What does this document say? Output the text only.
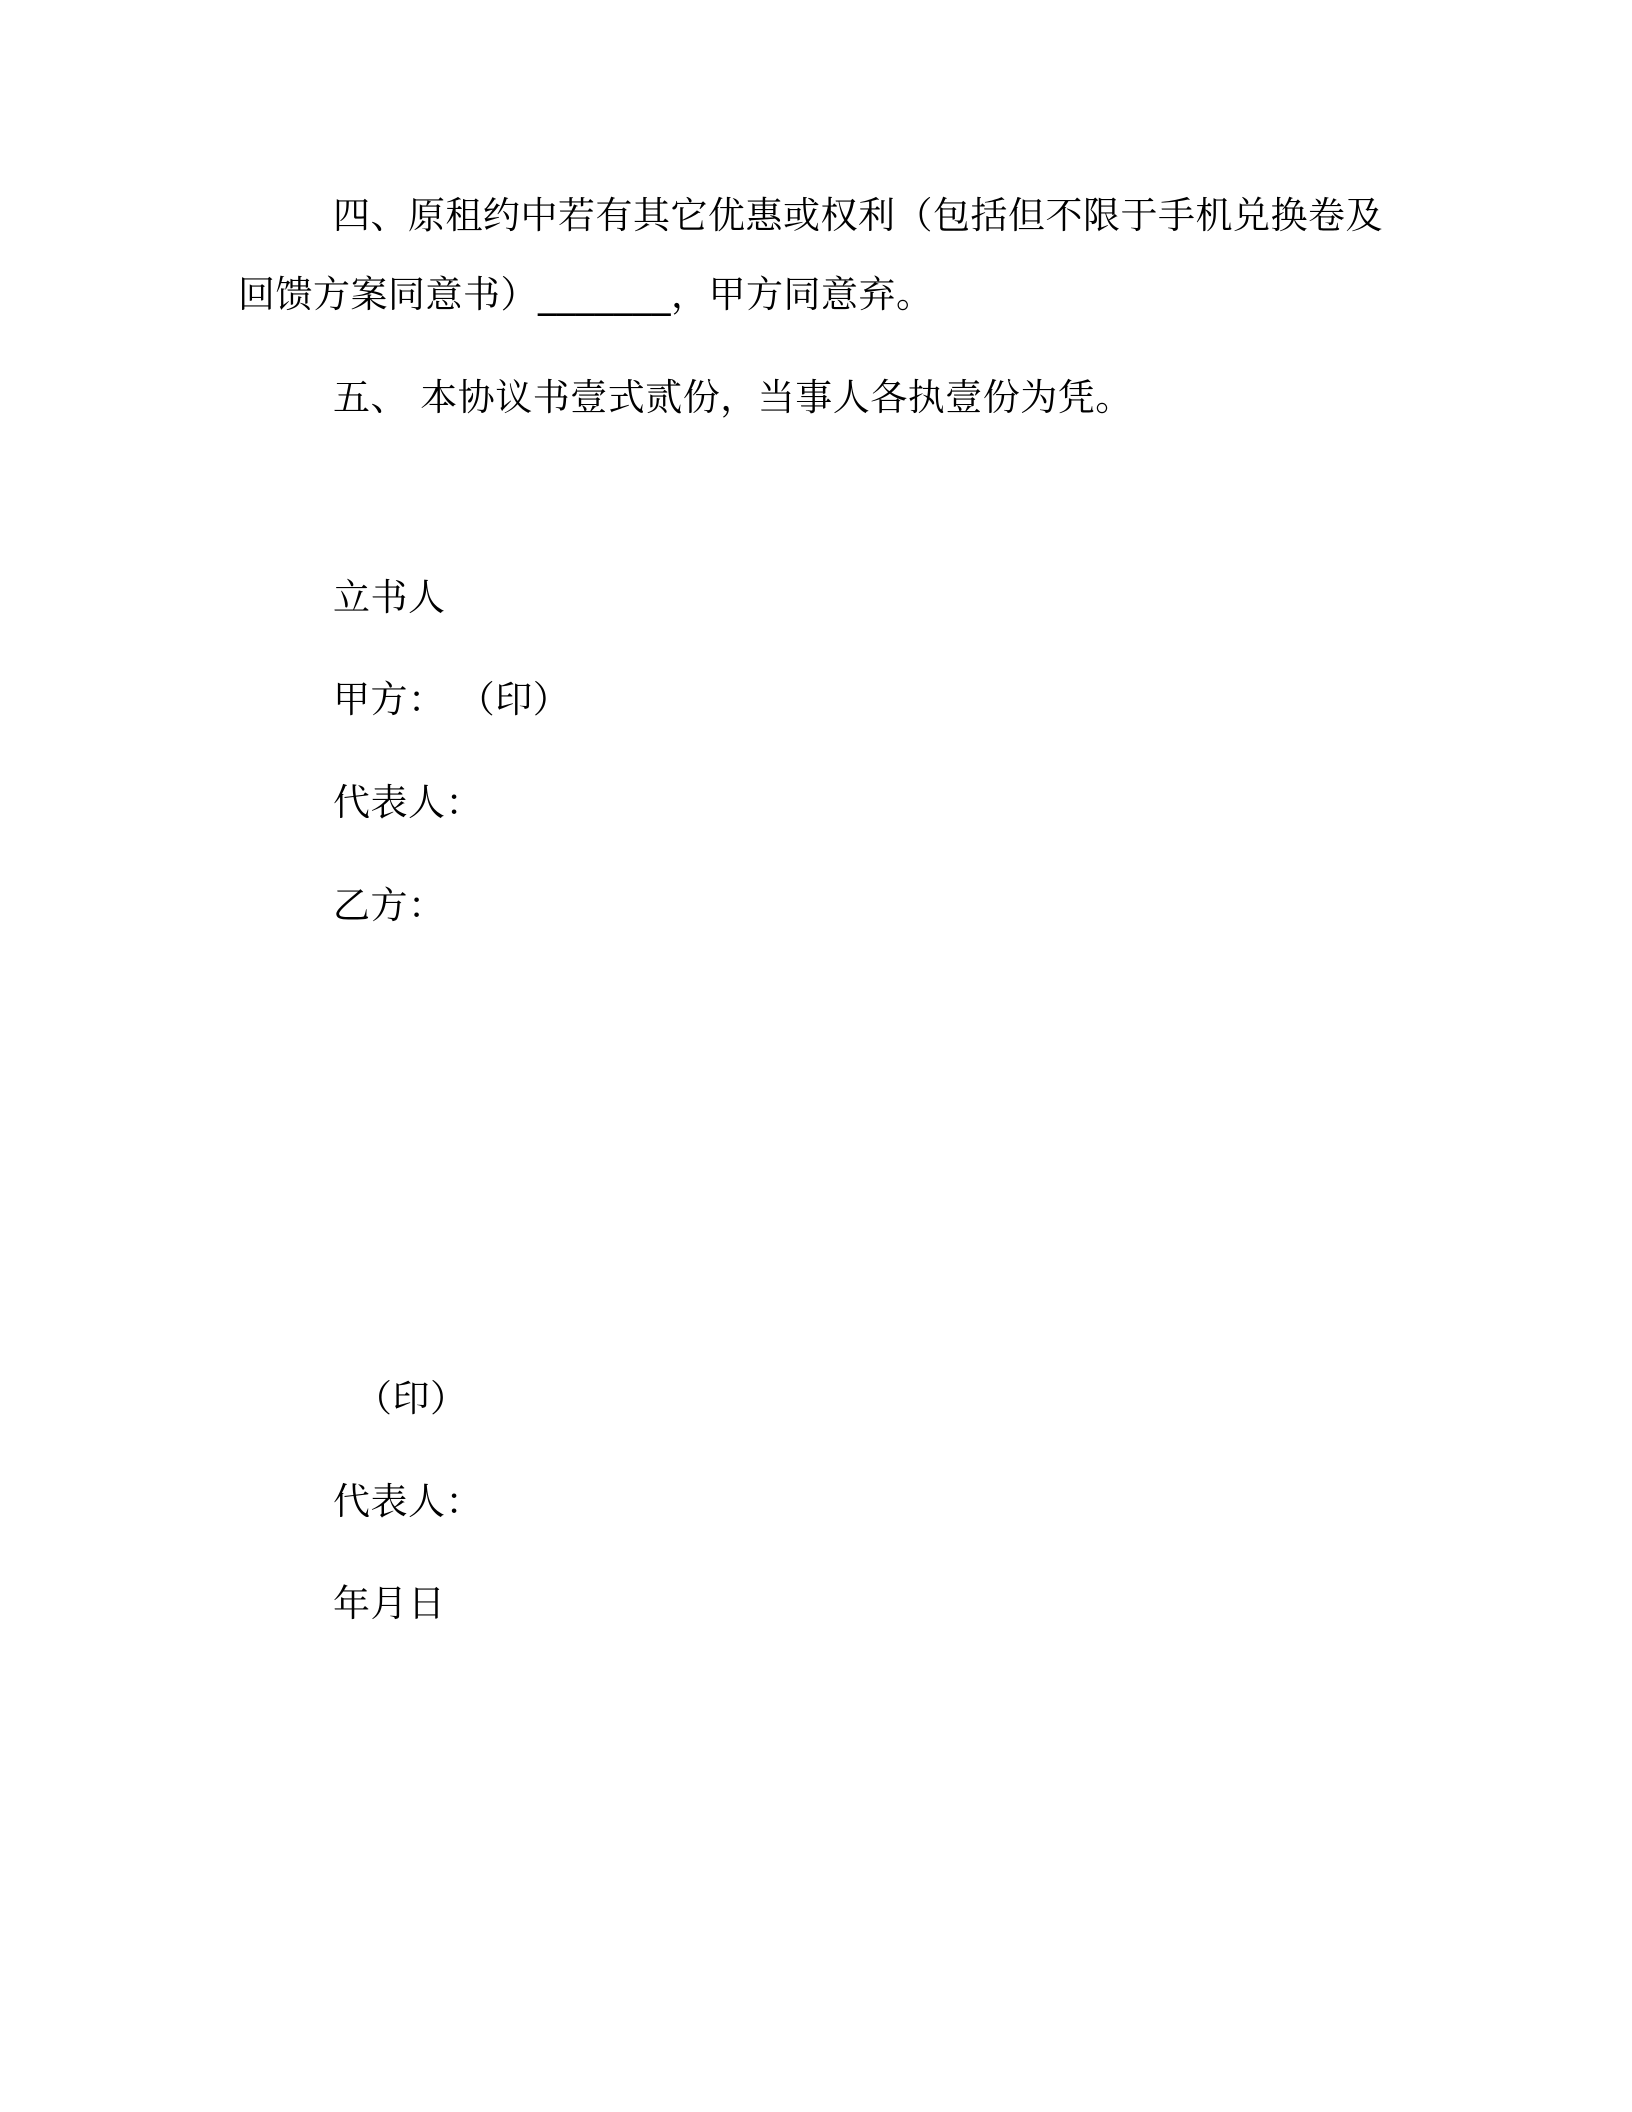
四、原租约中若有其它优惠或权利（包括但不限于手机兑换卷及
回馈方案同意书）_______，甲方同意弃。
五、 本协议书壹式贰份，当事人各执壹份为凭。
立书人
甲方： （印）
代表人：
乙方：
（印）
代表人：
年月日
